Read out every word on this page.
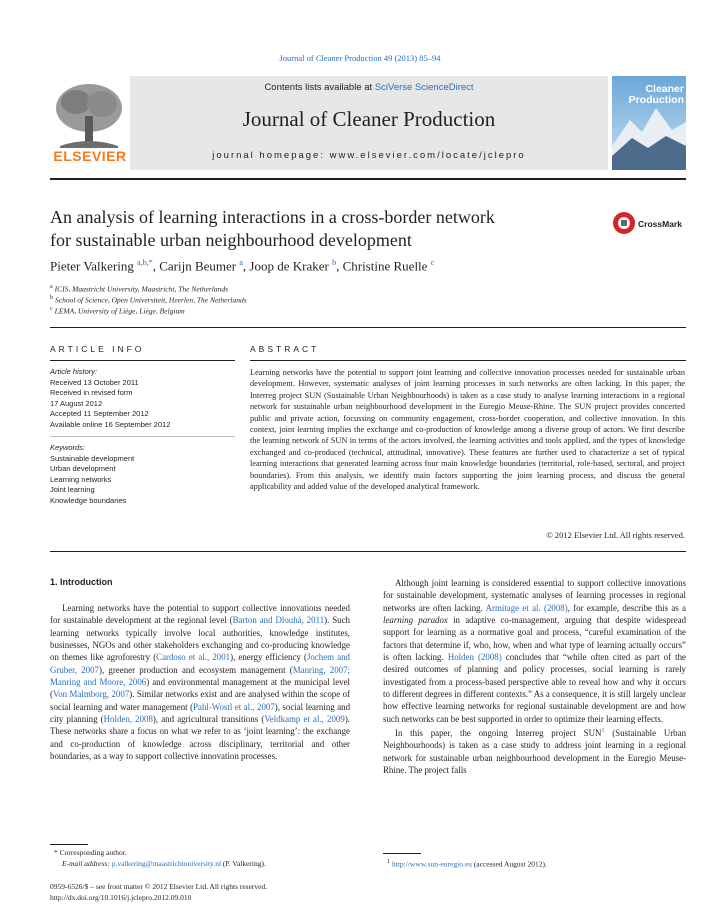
Journal of Cleaner Production 49 (2013) 85–94
ELSEVIER
Contents lists available at SciVerse ScienceDirect
Journal of Cleaner Production
journal homepage: www.elsevier.com/locate/jclepro
Cleaner
Production
An analysis of learning interactions in a cross-border network
for sustainable urban neighbourhood development
CrossMark
Pieter Valkering $^{a,b,*}$, Carijn Beumer $^a$, Joop de Kraker $^b$, Christine Ruelle $^c$
$^a$ ICIS, Maastricht University, Maastricht, The Netherlands
$^b$ School of Science, Open Universiteit, Heerlen, The Netherlands
$^c$ LEMA, University of Liège, Liège, Belgium
ARTICLE INFO
Article history:
Received 13 October 2011
Received in revised form
17 August 2012
Accepted 11 September 2012
Available online 16 September 2012
Keywords:
Sustainable development
Urban development
Learning networks
Joint learning
Knowledge boundaries
ABSTRACT
Learning networks have the potential to support joint learning and collective innovation processes needed for sustainable urban development. However, systematic analyses of joint learning processes in such networks are often lacking. In this paper, the Interreg project SUN (Sustainable Urban Neighbourhoods) is taken as a case study to analyse learning interactions in a regional network for sustainable urban neighbourhood development in the Euregio Meuse-Rhine. The SUN project provides concerted public and private action, focussing on community engagement, cross-border cooperation, and collective innovation. In this context, joint learning implies the exchange and co-production of knowledge among a diverse group of actors. We first describe the learning network of SUN in terms of the actors involved, the learning activities and tools applied, and the types of knowledge exchanged and co-produced (technical, attitudinal, innovative). These features are further used to characterize a set of typical learning interactions that generated learning across four main knowledge boundaries (territorial, role-based, sectoral, and project boundaries). From this analysis, we identify main factors supporting the joint learning process, and discuss the general applicability and added value of the developed analytical framework.
© 2012 Elsevier Ltd. All rights reserved.
1. Introduction

Learning networks have the potential to support collective innovations needed for sustainable development at the regional level (Barton and Dlouhá, 2011). Such learning networks typically involve local authorities, knowledge institutes, businesses, NGOs and other stakeholders exchanging and co-producing knowledge on themes like agroforestry (Cardoso et al., 2001), energy efficiency (Jochem and Gruber, 2007), greener production and ecosystem management (Manring, 2007; Manring and Moore, 2006) and environmental management at the municipal level (Von Malmborg, 2007). Similar networks exist and are analysed within the scope of social learning and water management (Pahl-Wostl et al., 2007), social learning and city planning (Holden, 2008), and agricultural transitions (Veldkamp et al., 2009). These networks share a focus on what we refer to as ‘joint learning’: the exchange and co-production of knowledge across disciplinary, territorial and other boundaries, as a way to support collective innovation processes.

Although joint learning is considered essential to support collective innovations for sustainable development, systematic analyses of learning processes in regional networks are often lacking. Armitage et al. (2008), for example, describe this as a learning paradox in adaptive co-management, arguing that despite widespread support for learning as a normative goal and process, “careful examination of the factors that determine if, who, how, when and what type of learning actually occurs” is often lacking. Holden (2008) concludes that “while often cited as part of the desired outcomes of planning and policy processes, social learning is rarely investigated from a process-based perspective able to reveal how and why it occurs to different degrees in different contexts.” As a consequence, it is still largely unclear how effective learning networks for regional sustainable development are and how such networks can be best supported in order to optimize their learning effects.

In this paper, the ongoing Interreg project SUN$^1$ (Sustainable Urban Neighbourhoods) is taken as a case study to address joint learning in a regional network for sustainable urban neighbourhood development in the Euregio Meuse-Rhine. The project falls

* Corresponding author.
E-mail address: p.valkering@maastrichtuniversity.nl (P. Valkering).	$^1$ http://www.sun-euregio.eu (accessed August 2012).
0959-6526/$ – see front matter © 2012 Elsevier Ltd. All rights reserved.
http://dx.doi.org/10.1016/j.jclepro.2012.09.010
